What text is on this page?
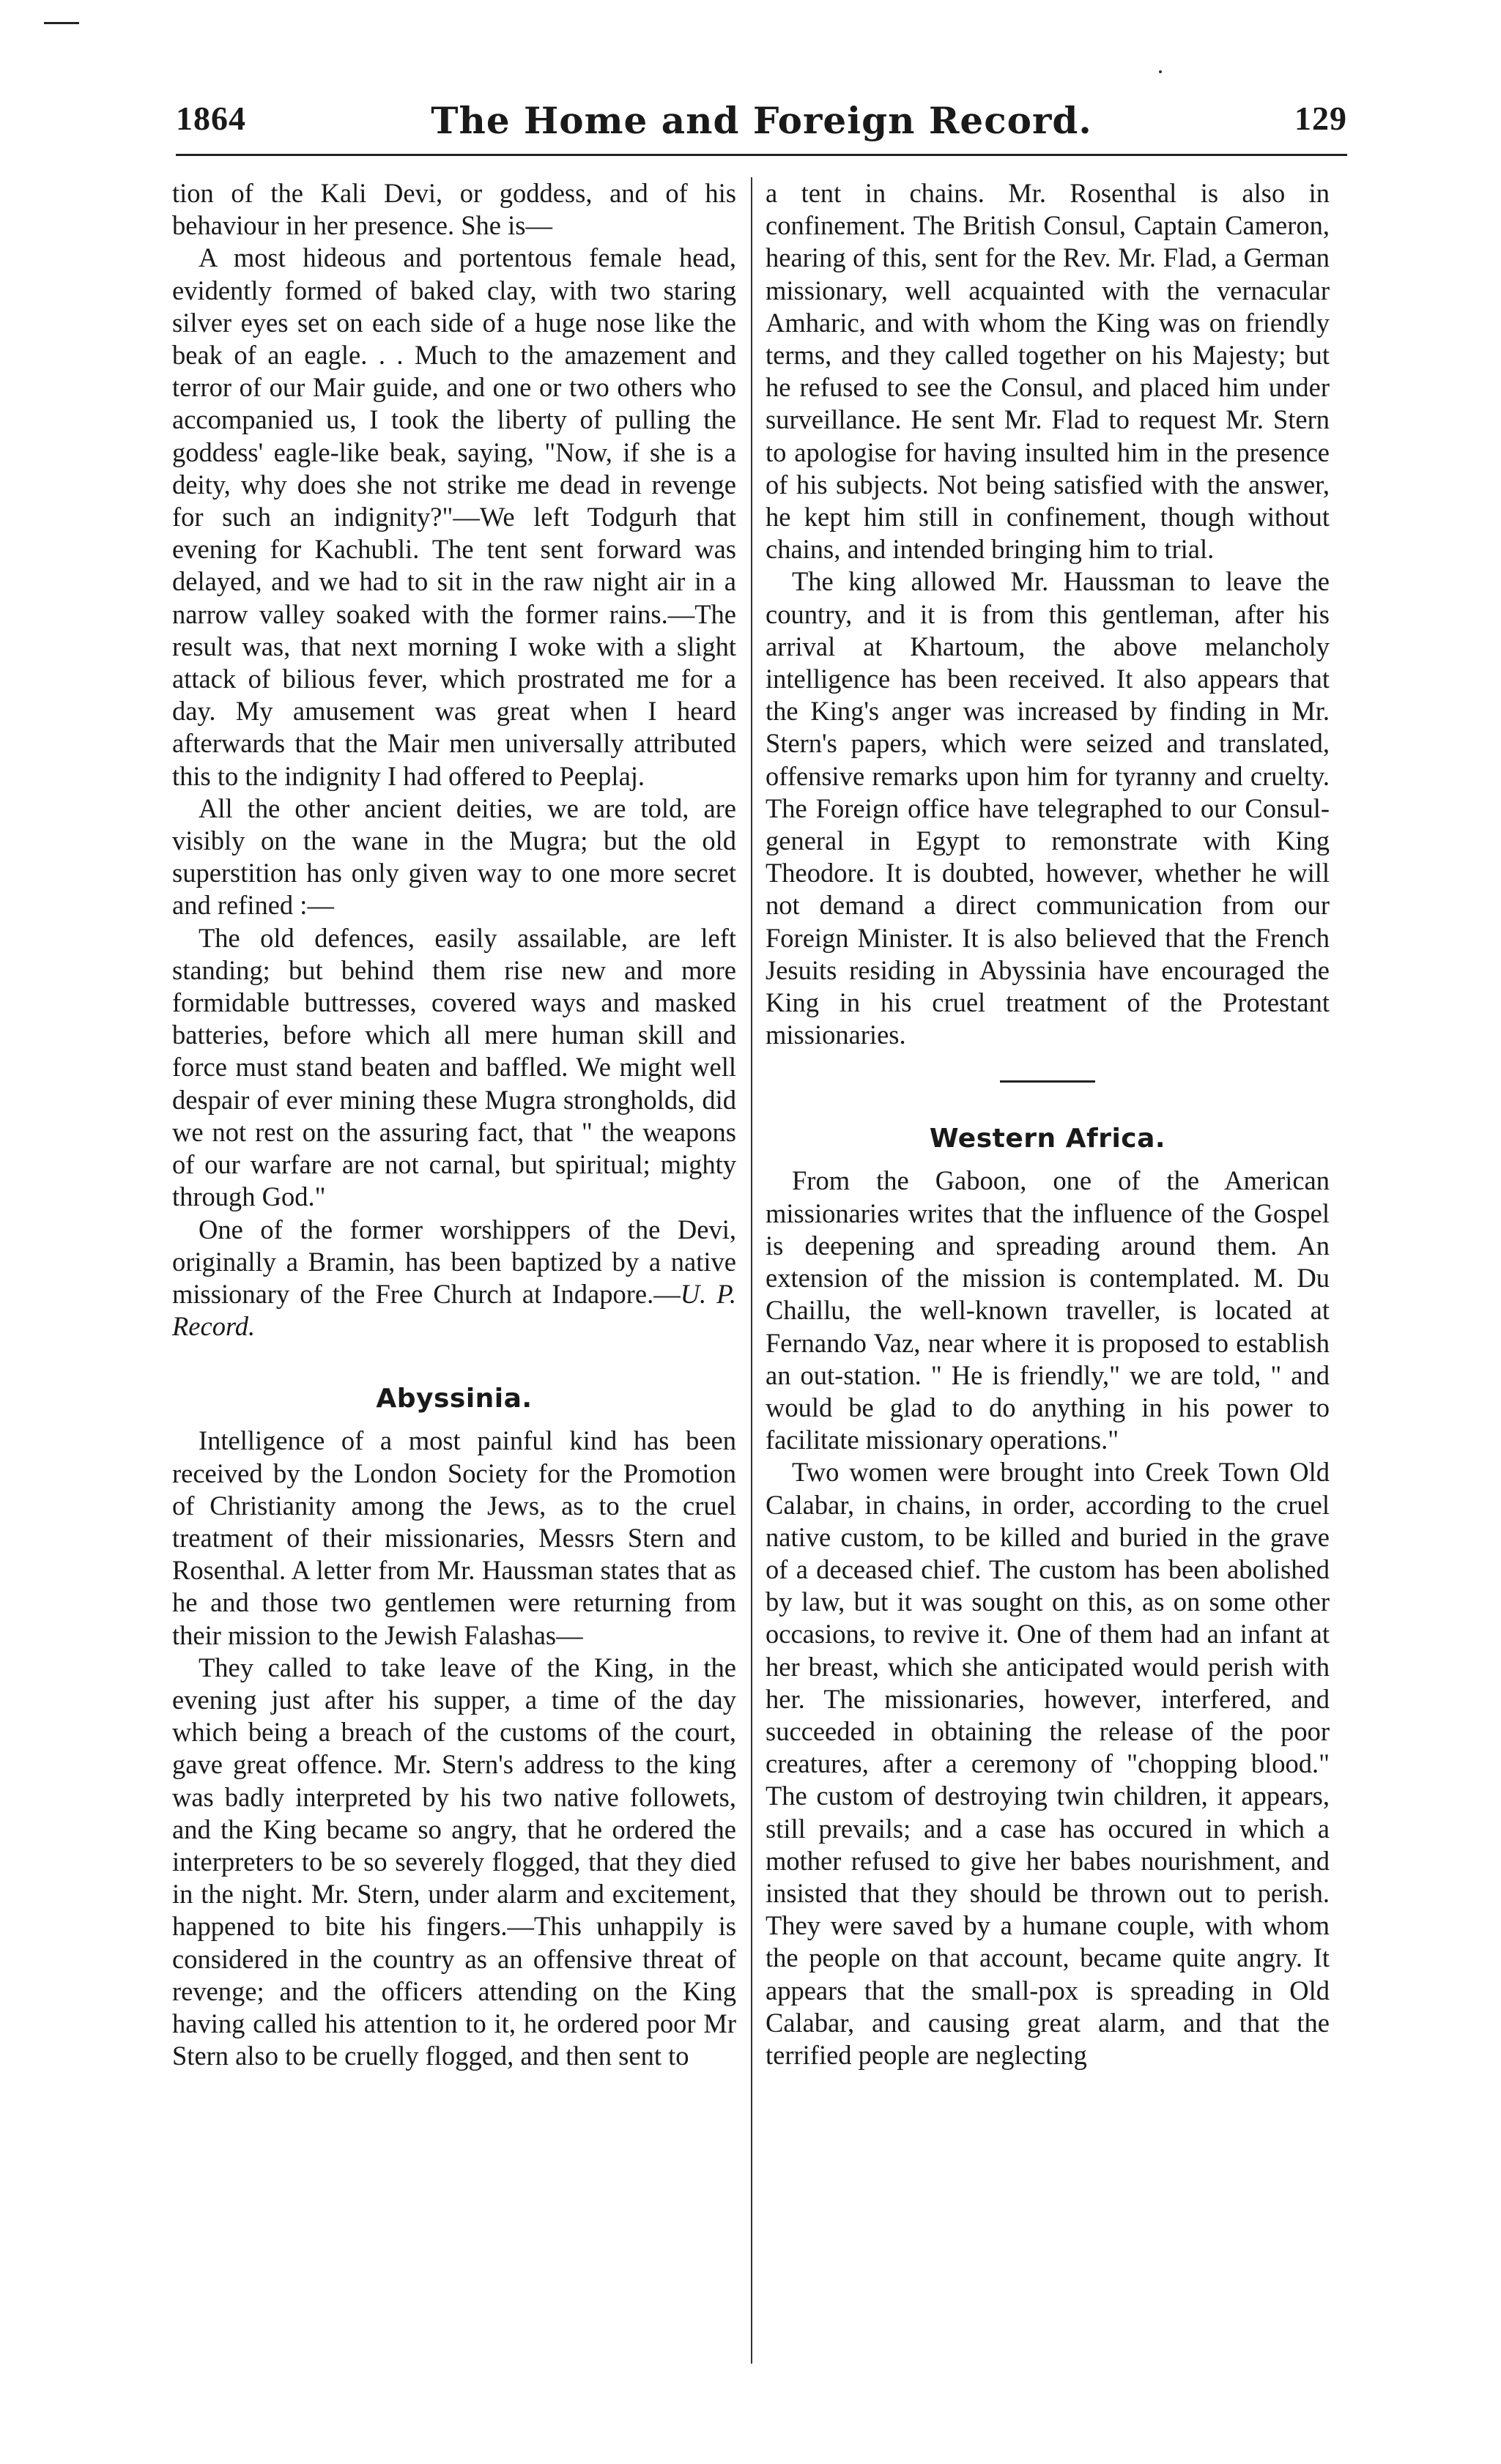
1864	The Home and Foreign Record.	129

tion of the Kali Devi, or goddess, and of his behaviour in her presence. She is—

A most hideous and portentous female head, evidently formed of baked clay, with two staring silver eyes set on each side of a huge nose like the beak of an eagle. . . Much to the amazement and terror of our Mair guide, and one or two others who accompanied us, I took the liberty of pulling the goddess' eagle-like beak, saying, "Now, if she is a deity, why does she not strike me dead in revenge for such an indignity?"—We left Todgurh that evening for Kachubli. The tent sent forward was delayed, and we had to sit in the raw night air in a narrow valley soaked with the former rains.—The result was, that next morning I woke with a slight attack of bilious fever, which prostrated me for a day. My amusement was great when I heard afterwards that the Mair men universally attributed this to the indignity I had offered to Peeplaj.

All the other ancient deities, we are told, are visibly on the wane in the Mugra; but the old superstition has only given way to one more secret and refined :—

The old defences, easily assailable, are left standing; but behind them rise new and more formidable buttresses, covered ways and masked batteries, before which all mere human skill and force must stand beaten and baffled. We might well despair of ever mining these Mugra strongholds, did we not rest on the assuring fact, that " the weapons of our warfare are not carnal, but spiritual; mighty through God."

One of the former worshippers of the Devi, originally a Bramin, has been baptized by a native missionary of the Free Church at Indapore.—U. P. Record.

Abyssinia.

Intelligence of a most painful kind has been received by the London Society for the Promotion of Christianity among the Jews, as to the cruel treatment of their missionaries, Messrs Stern and Rosenthal. A letter from Mr. Haussman states that as he and those two gentlemen were returning from their mission to the Jewish Falashas—

They called to take leave of the King, in the evening just after his supper, a time of the day which being a breach of the customs of the court, gave great offence. Mr. Stern's address to the king was badly interpreted by his two native followets, and the King became so angry, that he ordered the interpreters to be so severely flogged, that they died in the night. Mr. Stern, under alarm and excitement, happened to bite his fingers.—This unhappily is considered in the country as an offensive threat of revenge; and the officers attending on the King having called his attention to it, he ordered poor Mr Stern also to be cruelly flogged, and then sent to

a tent in chains. Mr. Rosenthal is also in confinement. The British Consul, Captain Cameron, hearing of this, sent for the Rev. Mr. Flad, a German missionary, well acquainted with the vernacular Amharic, and with whom the King was on friendly terms, and they called together on his Majesty; but he refused to see the Consul, and placed him under surveillance. He sent Mr. Flad to request Mr. Stern to apologise for having insulted him in the presence of his subjects. Not being satisfied with the answer, he kept him still in confinement, though without chains, and intended bringing him to trial.

The king allowed Mr. Haussman to leave the country, and it is from this gentleman, after his arrival at Khartoum, the above melancholy intelligence has been received. It also appears that the King's anger was increased by finding in Mr. Stern's papers, which were seized and translated, offensive remarks upon him for tyranny and cruelty. The Foreign office have telegraphed to our Consul-general in Egypt to remonstrate with King Theodore. It is doubted, however, whether he will not demand a direct communication from our Foreign Minister. It is also believed that the French Jesuits residing in Abyssinia have encouraged the King in his cruel treatment of the Protestant missionaries.

Western Africa.

From the Gaboon, one of the American missionaries writes that the influence of the Gospel is deepening and spreading around them. An extension of the mission is contemplated. M. Du Chaillu, the well-known traveller, is located at Fernando Vaz, near where it is proposed to establish an out-station. " He is friendly," we are told, " and would be glad to do anything in his power to facilitate missionary operations."

Two women were brought into Creek Town Old Calabar, in chains, in order, according to the cruel native custom, to be killed and buried in the grave of a deceased chief. The custom has been abolished by law, but it was sought on this, as on some other occasions, to revive it. One of them had an infant at her breast, which she anticipated would perish with her. The missionaries, however, interfered, and succeeded in obtaining the release of the poor creatures, after a ceremony of "chopping blood." The custom of destroying twin children, it appears, still prevails; and a case has occured in which a mother refused to give her babes nourishment, and insisted that they should be thrown out to perish. They were saved by a humane couple, with whom the people on that account, became quite angry. It appears that the small-pox is spreading in Old Calabar, and causing great alarm, and that the terrified people are neglecting
